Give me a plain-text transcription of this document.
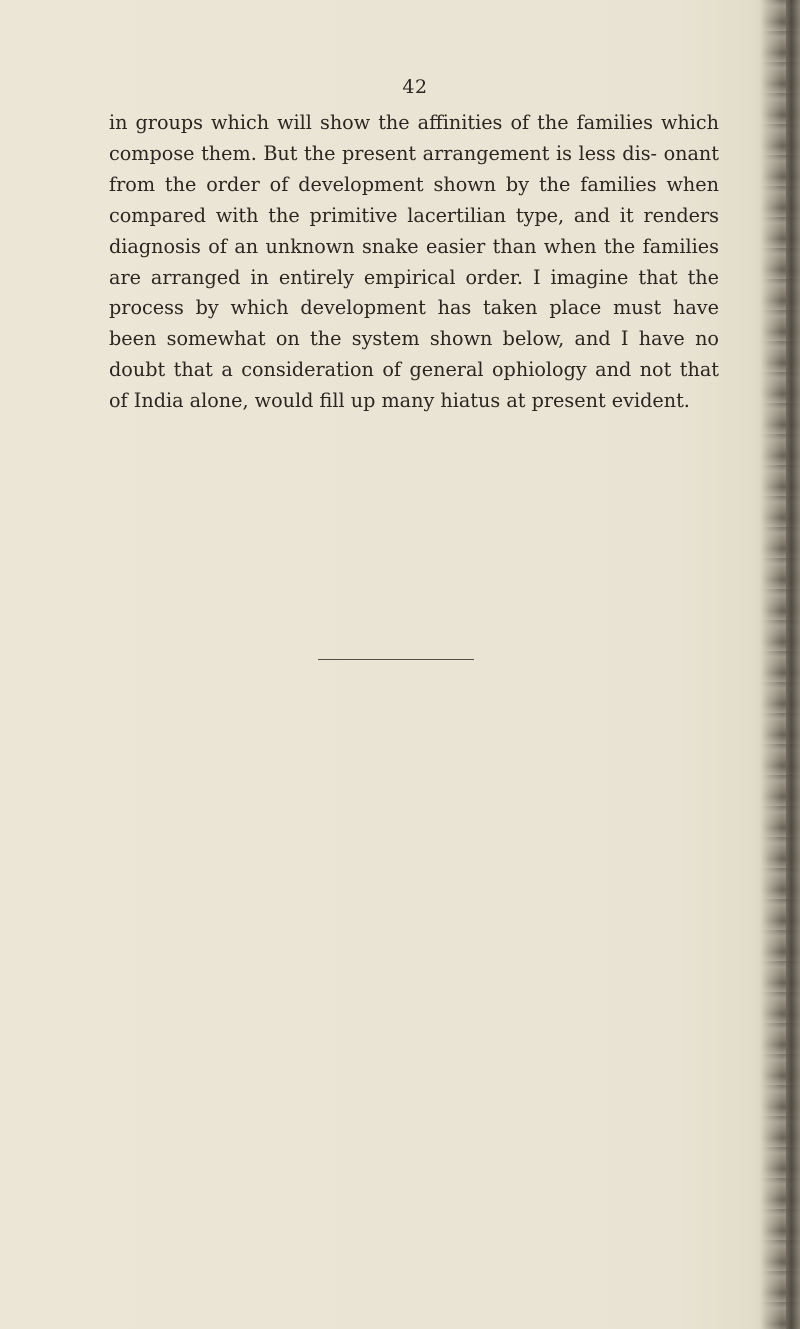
42

in groups which will show the affinities of the families which compose them. But the present arrangement is less dis- onant from the order of development shown by the families when compared with the primitive lacertilian type, and it renders diagnosis of an unknown snake easier than when the families are arranged in entirely empirical order. I imagine that the process by which development has taken place must have been somewhat on the system shown below, and I have no doubt that a consideration of general ophiology and not that of India alone, would fill up many hiatus at present evident.
